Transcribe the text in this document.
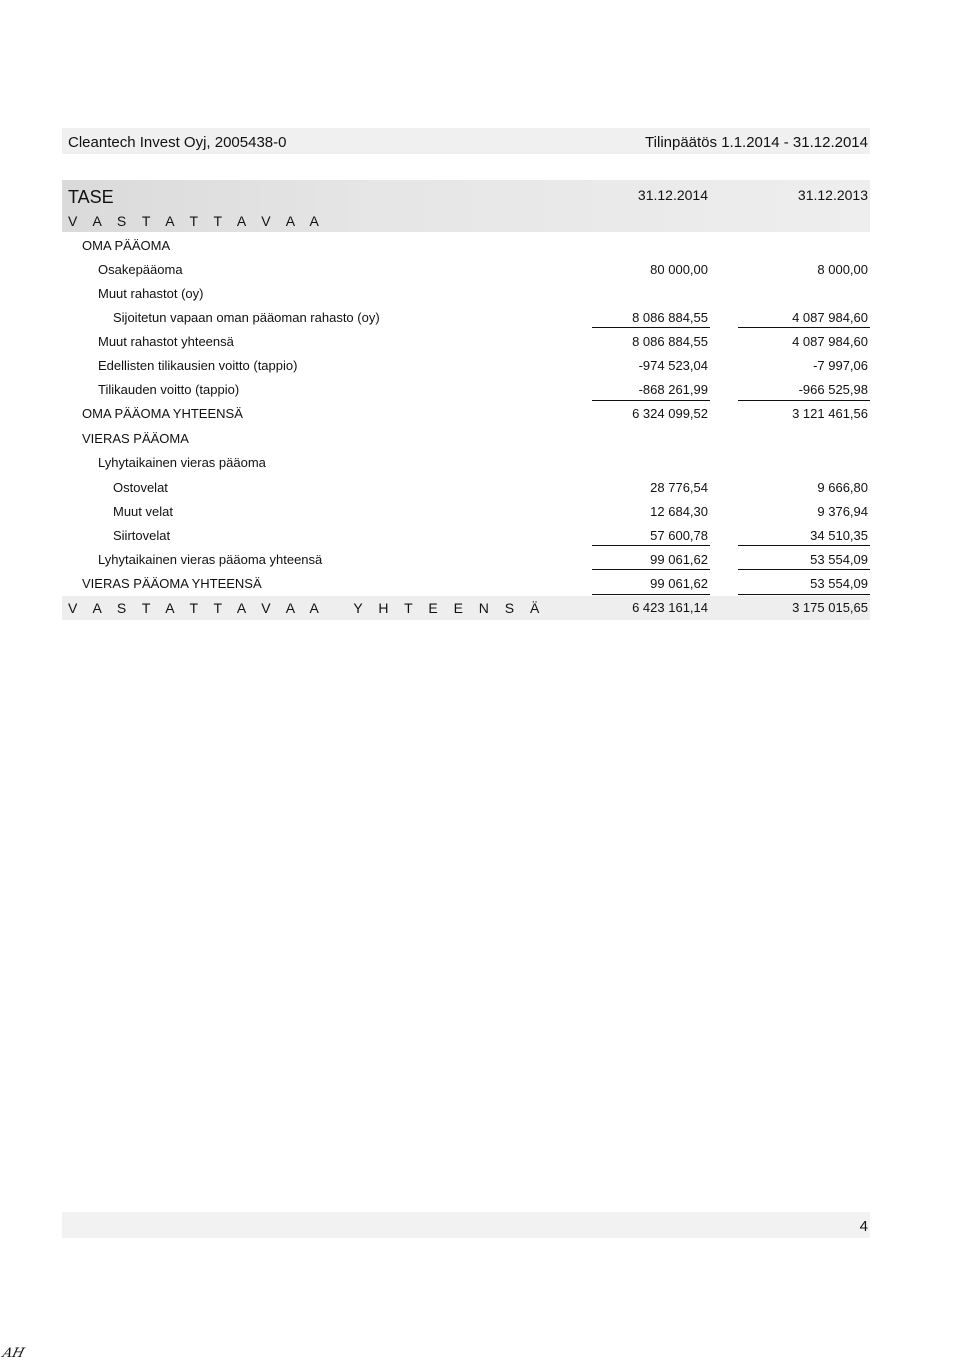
Cleantech Invest Oyj, 2005438-0	Tilinpäätös 1.1.2014 - 31.12.2014
TASE	31.12.2014	31.12.2013
V A S T A T T A V A A
OMA PÄÄOMA
Osakepääoma	80 000,00	8 000,00
Muut rahastot (oy)
Sijoitetun vapaan oman pääoman rahasto (oy)	8 086 884,55	4 087 984,60
Muut rahastot yhteensä	8 086 884,55	4 087 984,60
Edellisten tilikausien voitto (tappio)	-974 523,04	-7 997,06
Tilikauden voitto (tappio)	-868 261,99	-966 525,98
OMA PÄÄOMA YHTEENSÄ	6 324 099,52	3 121 461,56
VIERAS PÄÄOMA
Lyhytaikainen vieras pääoma
Ostovelat	28 776,54	9 666,80
Muut velat	12 684,30	9 376,94
Siirtovelat	57 600,78	34 510,35
Lyhytaikainen vieras pääoma yhteensä	99 061,62	53 554,09
VIERAS PÄÄOMA YHTEENSÄ	99 061,62	53 554,09
V A S T A T T A V A A   Y H T E E N S Ä	6 423 161,14	3 175 015,65
4
AH
